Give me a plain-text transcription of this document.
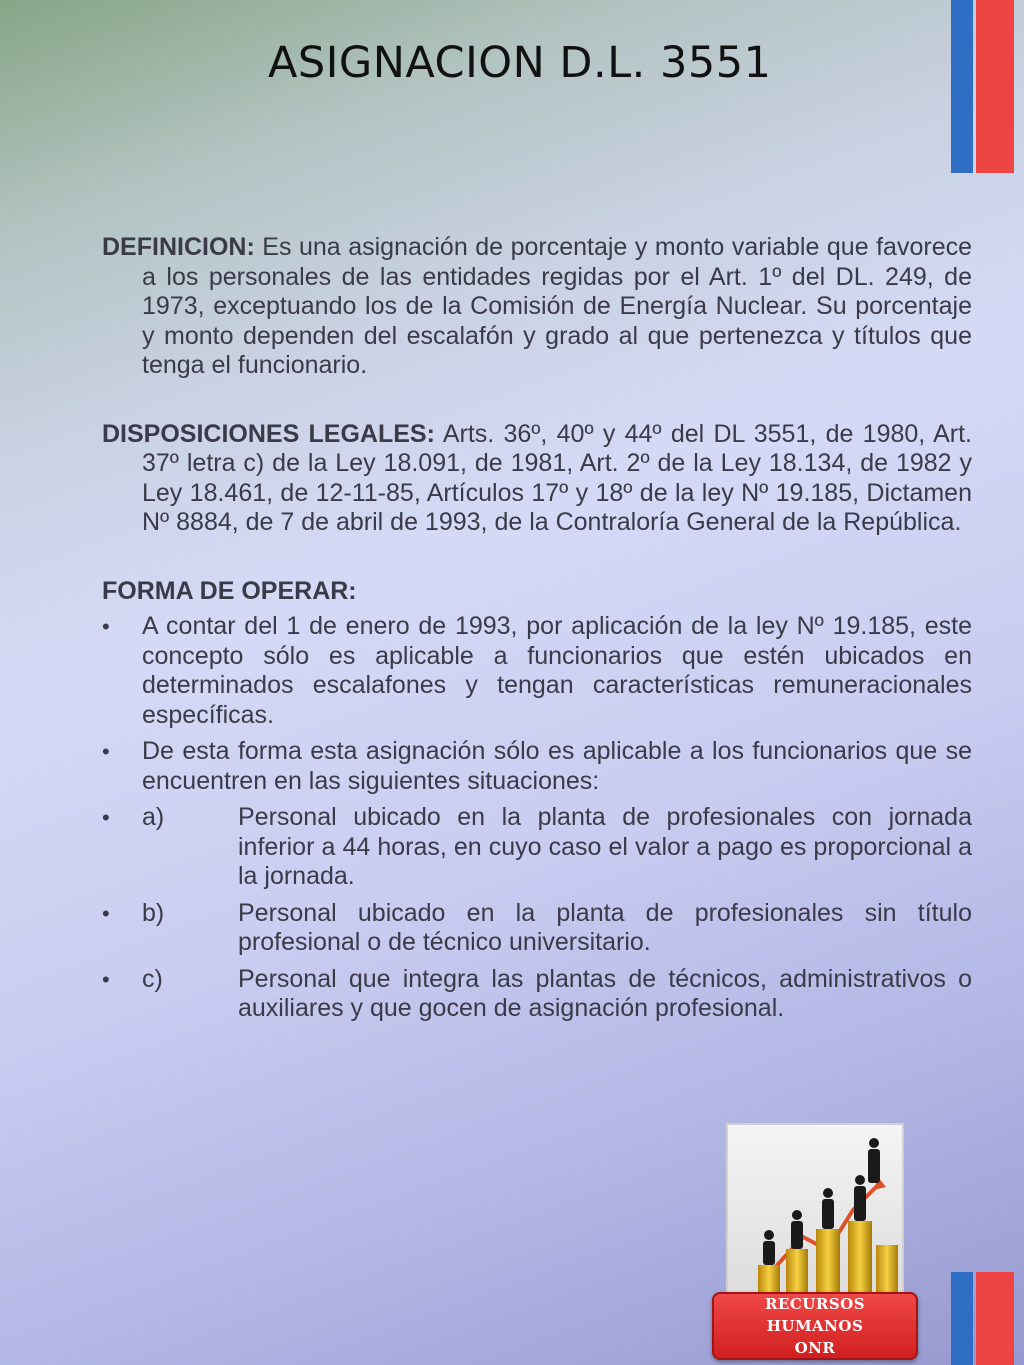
ASIGNACION D.L. 3551

DEFINICION: Es una asignación de porcentaje y monto variable que favorece a los personales de las entidades regidas por el Art. 1º del DL. 249, de 1973, exceptuando los de la Comisión de Energía Nuclear. Su porcentaje y monto dependen del escalafón y grado al que pertenezca y títulos que tenga el funcionario.

DISPOSICIONES LEGALES: Arts. 36º, 40º y 44º del DL 3551, de 1980, Art. 37º letra c) de la Ley 18.091, de 1981, Art. 2º de la Ley 18.134, de 1982 y Ley 18.461, de 12-11-85, Artículos 17º y 18º de la ley Nº 19.185, Dictamen Nº 8884, de 7 de abril de 1993, de la Contraloría General de la República.

FORMA DE OPERAR:

• A contar del 1 de enero de 1993, por aplicación de la ley Nº 19.185, este concepto sólo es aplicable a funcionarios que estén ubicados en determinados escalafones y tengan características remuneracionales específicas.
• De esta forma esta asignación sólo es aplicable a los funcionarios que se encuentren en las siguientes situaciones:
• a)	Personal ubicado en la planta de profesionales con jornada inferior a 44 horas, en cuyo caso el valor a pago es proporcional a la jornada.
• b)	Personal ubicado en la planta de profesionales sin título profesional o de técnico universitario.
• c)	Personal que integra las plantas de técnicos, administrativos o auxiliares y que gocen de asignación profesional.
RECURSOS
HUMANOS
ONR
